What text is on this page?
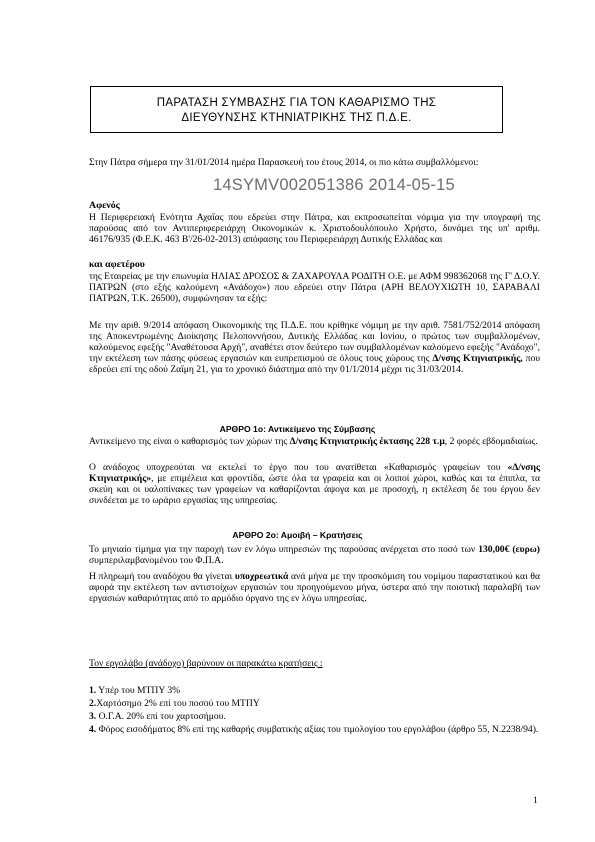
ΠΑΡΑΤΑΣΗ ΣΥΜΒΑΣΗΣ ΓΙΑ ΤΟΝ ΚΑΘΑΡΙΣΜΟ ΤΗΣ
ΔΙΕΥΘΥΝΣΗΣ ΚΤΗΝΙΑΤΡΙΚΗΣ ΤΗΣ Π.Δ.Ε.

Στην Πάτρα σήμερα την 31/01/2014 ημέρα Παρασκευή του έτους 2014, οι πιο κάτω συμβαλλόμενοι:

14SYMV002051386 2014-05-15
Αφενός

Η Περιφερειακή Ενότητα Αχαΐας που εδρεύει στην Πάτρα, και εκπροσωπείται νόμιμα για την υπογραφή της παρούσας από τον Αντιπεριφερειάρχη Οικονομικών κ. Χριστοδουλόπουλο Χρήστο, δυνάμει της υπ' αριθμ. 46176/935 (Φ.Ε.Κ. 463 Β'/26-02-2013) απόφασης του Περιφερειάρχη Δυτικής Ελλάδας και

και αφετέρου

της Εταιρείας με την επωνυμία ΗΛΙΑΣ ΔΡΟΣΟΣ & ΖΑΧΑΡΟΥΛΑ ΡΟΔΙΤΗ Ο.Ε. με ΑΦΜ 998362068 της Γ' Δ.Ο.Υ. ΠΑΤΡΩΝ (στο εξής καλούμενη «Ανάδοχο») που εδρεύει στην Πάτρα (ΑΡΗ ΒΕΛΟΥΧΙΩΤΗ 10, ΣΑΡΑΒΑΛΙ ΠΑΤΡΩΝ, Τ.Κ. 26500), συμφώνησαν τα εξής:

Με την αριθ. 9/2014 απόφαση Οικονομικής της Π.Δ.Ε. που κρίθηκε νόμιμη με την αριθ. 7581/752/2014 απόφαση της Αποκεντρωμένης Διοίκησης Πελοποννήσου, Δυτικής Ελλάδας και Ιονίου, ο πρώτος των συμβαλλομένων, καλούμενος εφεξής "Αναθέτουσα Αρχή", αναθέτει στον δεύτερο των συμβαλλομένων καλούμενο εφεξής "Ανάδοχο", την εκτέλεση των πάσης φύσεως εργασιών και ευπρεπισμού σε όλους τους χώρους της Δ/νσης Κτηνιατρικής, που εδρεύει επί της οδού Ζαΐμη 21, για το χρονικό διάστημα από την 01/1/2014 μέχρι τις 31/03/2014.

ΑΡΘΡΟ 1ο: Αντικείμενο της Σύμβασης

Αντικείμενο της είναι ο καθαρισμός των χώρων της Δ/νσης Κτηνιατρικής έκτασης 228 τ.μ, 2 φορές εβδομαδιαίως.

Ο ανάδοχος υποχρεούται να εκτελεί το έργο που του ανατίθεται «Καθαρισμός γραφείων του «Δ/νσης Κτηνιατρικής», με επιμέλεια και φροντίδα, ώστε όλα τα γραφεία και οι λοιποί χώροι, καθώς και τα έπιπλα, τα σκεύη και οι υαλοπίνακες των γραφείων να καθαρίζονται άψογα και με προσοχή, η εκτέλεση δε του έργου δεν συνδέεται με το ωράριο εργασίας της υπηρεσίας.

ΑΡΘΡΟ 2ο: Αμοιβή – Κρατήσεις

Το μηνιαίο τίμημα για την παροχή των εν λόγω υπηρεσιών της παρούσας ανέρχεται στο ποσό των 130,00€ (ευρω) συμπεριλαμβανομένου του Φ.Π.Α.

Η πληρωμή του αναδόχου θα γίνεται υποχρεωτικά ανά μήνα με την προσκόμιση του νομίμου παραστατικού και θα αφορά την εκτέλεση των αντιστοίχων εργασιών του προηγούμενου μήνα, ύστερα από την ποιοτική παραλαβή των εργασιών καθαριότητας από το αρμόδιο όργανο της εν λόγω υπηρεσίας.

Τον εργολάβο (ανάδοχο) βαρύνουν οι παρακάτω κρατήσεις :
1. Υπέρ του ΜΤΠΥ 3%
2.Χαρτόσημο 2% επί του ποσού του ΜΤΠΥ
3. Ο.Γ.Α. 20% επί του χαρτοσήμου.

4. Φόρος εισοδήματος 8% επί της καθαρής συμβατικής αξίας του τιμολογίου του εργολάβου (άρθρο 55, Ν.2238/94).

1
